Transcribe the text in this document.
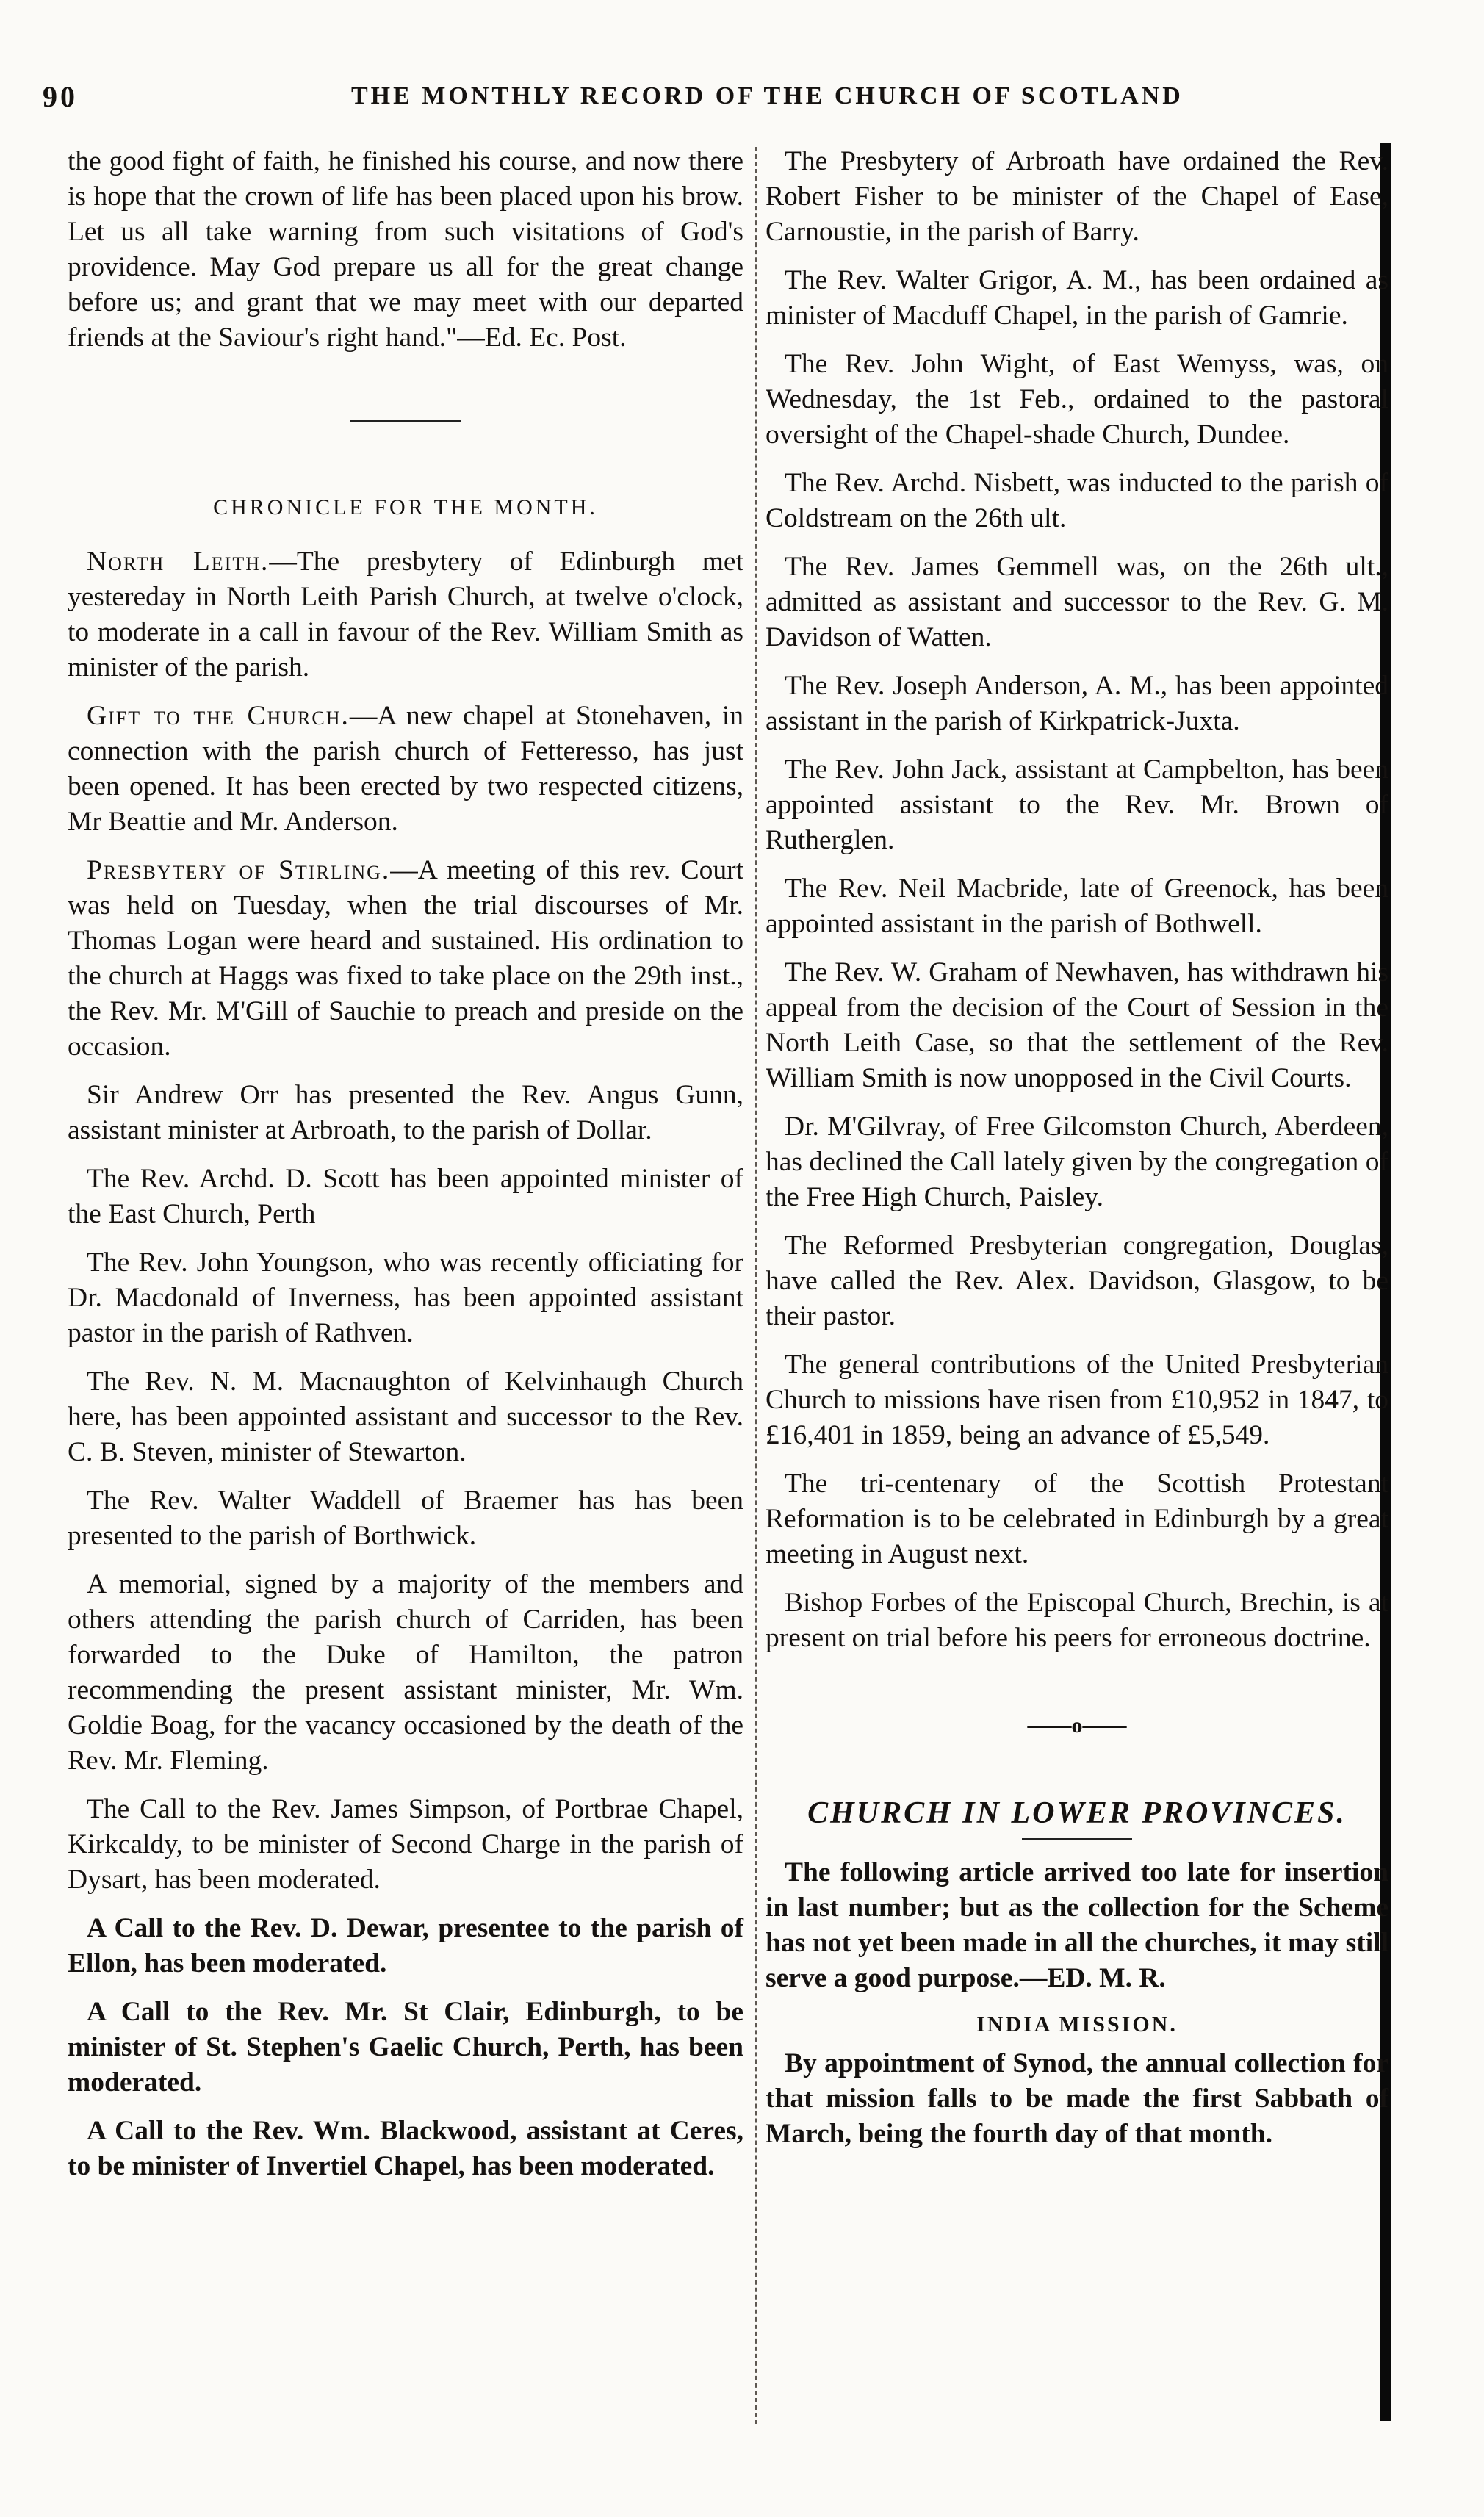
90	THE MONTHLY RECORD OF THE CHURCH OF SCOTLAND

the good fight of faith, he finished his course, and now there is hope that the crown of life has been placed upon his brow. Let us all take warning from such visitations of God's providence. May God prepare us all for the great change before us; and grant that we may meet with our departed friends at the Saviour's right hand."—Ed. Ec. Post.

CHRONICLE FOR THE MONTH.

North Leith.—The presbytery of Edinburgh met yestereday in North Leith Parish Church, at twelve o'clock, to moderate in a call in favour of the Rev. William Smith as minister of the parish.

Gift to the Church.—A new chapel at Stonehaven, in connection with the parish church of Fetteresso, has just been opened. It has been erected by two respected citizens, Mr Beattie and Mr. Anderson.

Presbytery of Stirling.—A meeting of this rev. Court was held on Tuesday, when the trial discourses of Mr. Thomas Logan were heard and sustained. His ordination to the church at Haggs was fixed to take place on the 29th inst., the Rev. Mr. M'Gill of Sauchie to preach and preside on the occasion.

Sir Andrew Orr has presented the Rev. Angus Gunn, assistant minister at Arbroath, to the parish of Dollar.

The Rev. Archd. D. Scott has been appointed minister of the East Church, Perth

The Rev. John Youngson, who was recently officiating for Dr. Macdonald of Inverness, has been appointed assistant pastor in the parish of Rathven.

The Rev. N. M. Macnaughton of Kelvinhaugh Church here, has been appointed assistant and successor to the Rev. C. B. Steven, minister of Stewarton.

The Rev. Walter Waddell of Braemer has has been presented to the parish of Borthwick.

A memorial, signed by a majority of the members and others attending the parish church of Carriden, has been forwarded to the Duke of Hamilton, the patron recommending the present assistant minister, Mr. Wm. Goldie Boag, for the vacancy occasioned by the death of the Rev. Mr. Fleming.

The Call to the Rev. James Simpson, of Portbrae Chapel, Kirkcaldy, to be minister of Second Charge in the parish of Dysart, has been moderated.

A Call to the Rev. D. Dewar, presentee to the parish of Ellon, has been moderated.

A Call to the Rev. Mr. St Clair, Edinburgh, to be minister of St. Stephen's Gaelic Church, Perth, has been moderated.

A Call to the Rev. Wm. Blackwood, assistant at Ceres, to be minister of Invertiel Chapel, has been moderated.

The Presbytery of Arbroath have ordained the Rev. Robert Fisher to be minister of the Chapel of Ease, Carnoustie, in the parish of Barry.

The Rev. Walter Grigor, A. M., has been ordained as minister of Macduff Chapel, in the parish of Gamrie.

The Rev. John Wight, of East Wemyss, was, on Wednesday, the 1st Feb., ordained to the pastoral oversight of the Chapel-shade Church, Dundee.

The Rev. Archd. Nisbett, was inducted to the parish of Coldstream on the 26th ult.

The Rev. James Gemmell was, on the 26th ult., admitted as assistant and successor to the Rev. G. M. Davidson of Watten.

The Rev. Joseph Anderson, A. M., has been appointed assistant in the parish of Kirkpatrick-Juxta.

The Rev. John Jack, assistant at Campbelton, has been appointed assistant to the Rev. Mr. Brown of Rutherglen.

The Rev. Neil Macbride, late of Greenock, has been appointed assistant in the parish of Bothwell.

The Rev. W. Graham of Newhaven, has withdrawn his appeal from the decision of the Court of Session in the North Leith Case, so that the settlement of the Rev. William Smith is now unopposed in the Civil Courts.

Dr. M'Gilvray, of Free Gilcomston Church, Aberdeen, has declined the Call lately given by the congregation of the Free High Church, Paisley.

The Reformed Presbyterian congregation, Douglas, have called the Rev. Alex. Davidson, Glasgow, to be their pastor.

The general contributions of the United Presbyterian Church to missions have risen from £10,952 in 1847, to £16,401 in 1859, being an advance of £5,549.

The tri-centenary of the Scottish Protestant Reformation is to be celebrated in Edinburgh by a great meeting in August next.

Bishop Forbes of the Episcopal Church, Brechin, is at present on trial before his peers for erroneous doctrine.

——o——
CHURCH IN LOWER PROVINCES.

The following article arrived too late for insertion in last number; but as the collection for the Scheme has not yet been made in all the churches, it may still serve a good purpose.—ED. M. R.

INDIA MISSION.

By appointment of Synod, the annual collection for that mission falls to be made the first Sabbath of March, being the fourth day of that month.
